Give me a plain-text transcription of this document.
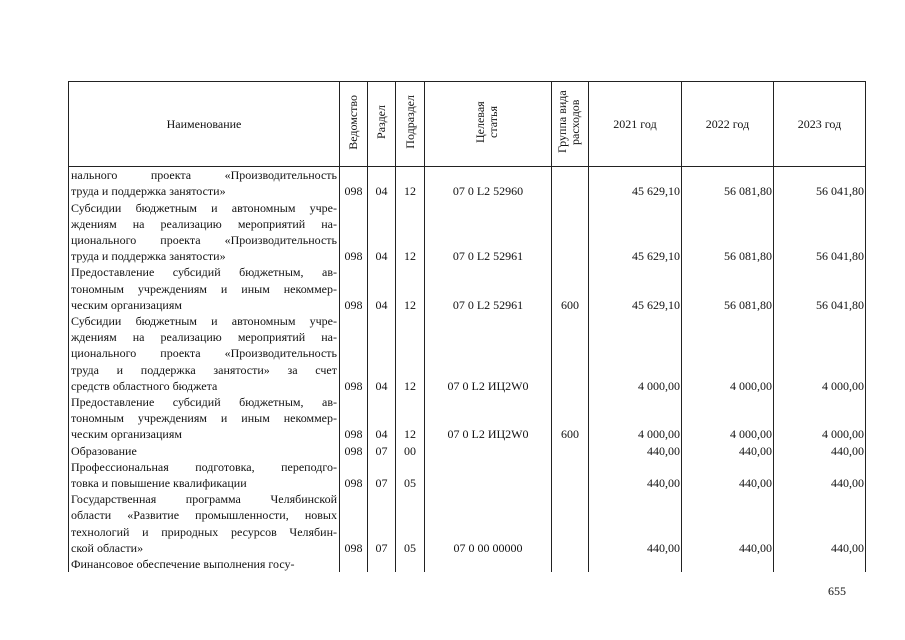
Наименование	Ведомство	Раздел	Подраздел	Целевая статья	Группа вида расходов	2021 год	2022 год	2023 год

нального проекта «Производительность
труда и поддержка занятости»	098	04	12	07 0 L2 52960		45 629,10	56 081,80	56 041,80

Субсидии бюджетным и автономным учре-
ждениям на реализацию мероприятий на-
ционального проекта «Производительность
труда и поддержка занятости»	098	04	12	07 0 L2 52961		45 629,10	56 081,80	56 041,80

Предоставление субсидий бюджетным, ав-
тономным учреждениям и иным некоммер-
ческим организациям	098	04	12	07 0 L2 52961	600	45 629,10	56 081,80	56 041,80

Субсидии бюджетным и автономным учре-
ждениям на реализацию мероприятий на-
ционального проекта «Производительность
труда и поддержка занятости» за счет
средств областного бюджета	098	04	12	07 0 L2 ИЦ2W0		4 000,00	4 000,00	4 000,00

Предоставление субсидий бюджетным, ав-
тономным учреждениям и иным некоммер-
ческим организациям	098	04	12	07 0 L2 ИЦ2W0	600	4 000,00	4 000,00	4 000,00

Образование	098	07	00			440,00	440,00	440,00

Профессиональная подготовка, переподго-
товка и повышение квалификации	098	07	05			440,00	440,00	440,00

Государственная программа Челябинской
области «Развитие промышленности, новых
технологий и природных ресурсов Челябин-
ской области»	098	07	05	07 0 00 00000		440,00	440,00	440,00

Финансовое обеспечение выполнения госу-								

655
